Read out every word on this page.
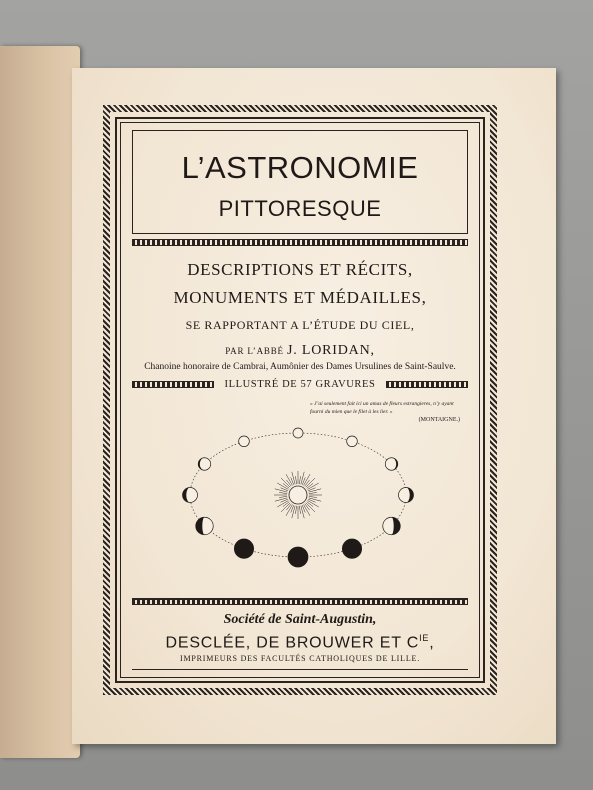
L’ASTRONOMIE
PITTORESQUE
DESCRIPTIONS ET RÉCITS,
MONUMENTS ET MÉDAILLES,
SE RAPPORTANT A L’ÉTUDE DU CIEL,
PAR L’ABBÉ J. LORIDAN,
Chanoine honoraire de Cambrai, Aumônier des Dames Ursulines de Saint-Saulve.
ILLUSTRÉ DE 57 GRAVURES
« J’ai seulement fait ici un amas de fleurs estrangieres, n’y ayant fourni du mien que le filet à les lier. »
(MONTAIGNE.)
Société de Saint-Augustin,
DESCLÉE, DE BROUWER ET $C^{IE}$,
IMPRIMEURS DES FACULTÉS CATHOLIQUES DE LILLE.
